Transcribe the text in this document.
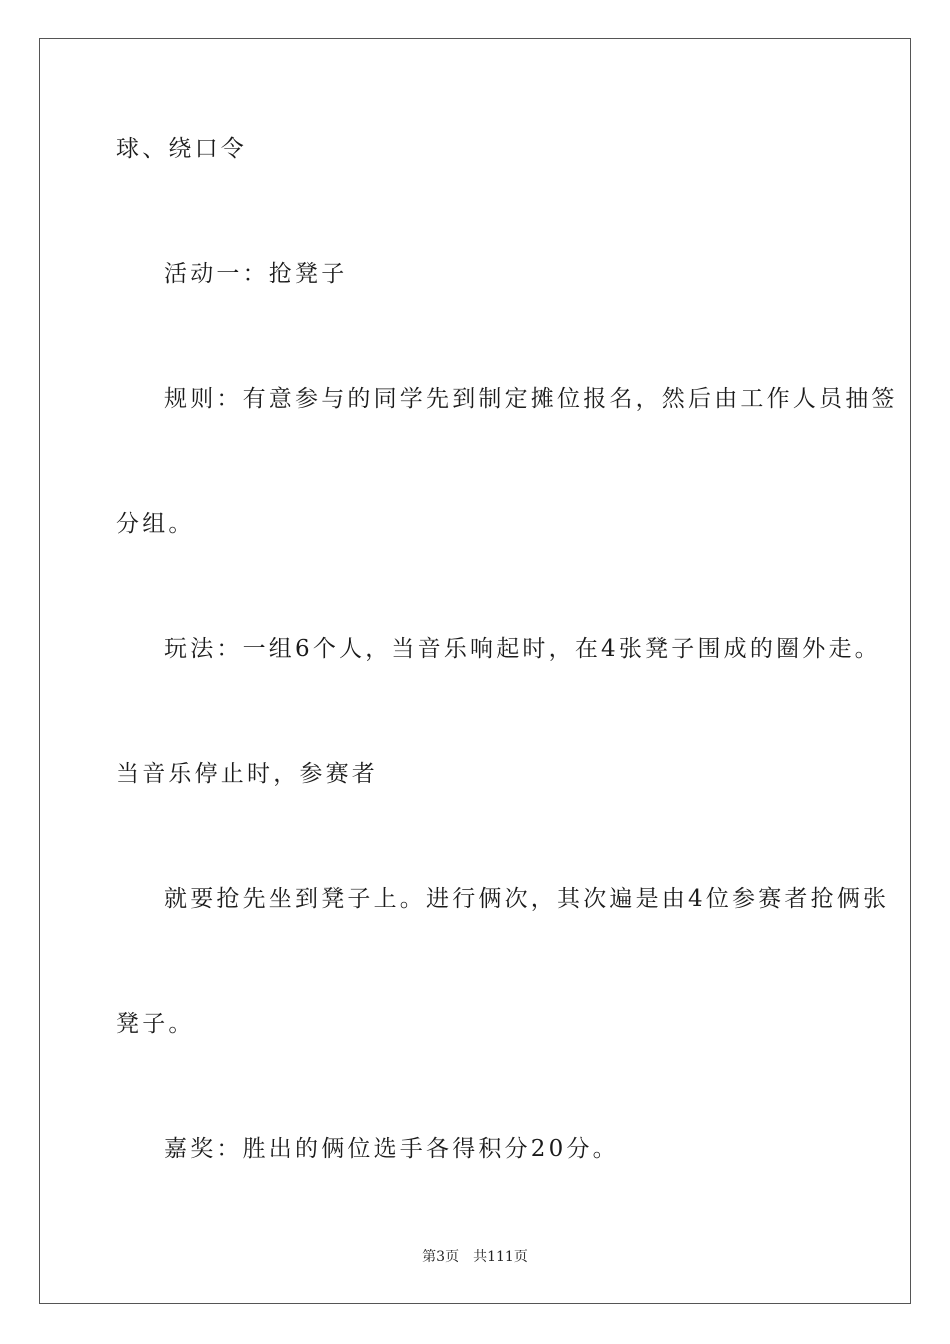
球、绕口令
活动一：抢凳子
规则：有意参与的同学先到制定摊位报名，然后由工作人员抽签
分组。
玩法：一组6个人，当音乐响起时，在4张凳子围成的圈外走。
当音乐停止时，参赛者
就要抢先坐到凳子上。进行俩次，其次遍是由4位参赛者抢俩张
凳子。
嘉奖：胜出的俩位选手各得积分20分。
第3页 共111页
